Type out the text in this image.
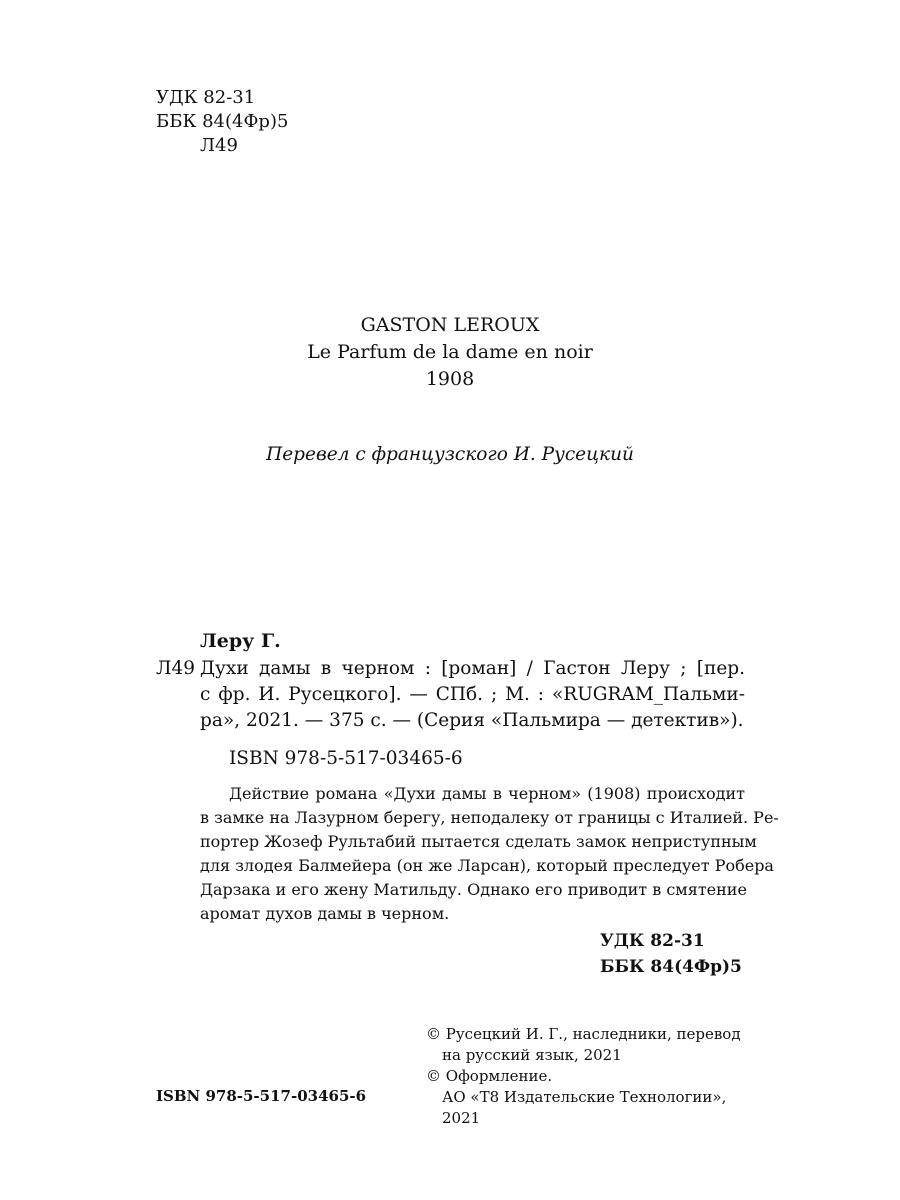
УДК 82-31
ББК 84(4Фр)5
Л49
GASTON LEROUX
Le Parfum de la dame en noir
1908
Перевел с французского И. Русецкий
Леру Г.
Л49 Духи дамы в черном : [роман] / Гастон Леру ; [пер.
с фр. И. Русецкого]. — СПб. ; М. : «RUGRAM_Пальми-
ра», 2021. — 375 с. — (Серия «Пальмира — детектив»).
ISBN 978-5-517-03465-6
Действие романа «Духи дамы в черном» (1908) происходит
в замке на Лазурном берегу, неподалеку от границы с Италией. Ре-
портер Жозеф Рультабий пытается сделать замок неприступным
для злодея Балмейера (он же Ларсан), который преследует Робера
Дарзака и его жену Матильду. Однако его приводит в смятение
аромат духов дамы в черном.
УДК 82-31
ББК 84(4Фр)5
© Русецкий И. Г., наследники, перевод
на русский язык, 2021
© Оформление.
АО «Т8 Издательские Технологии», 2021
ISBN 978-5-517-03465-6
